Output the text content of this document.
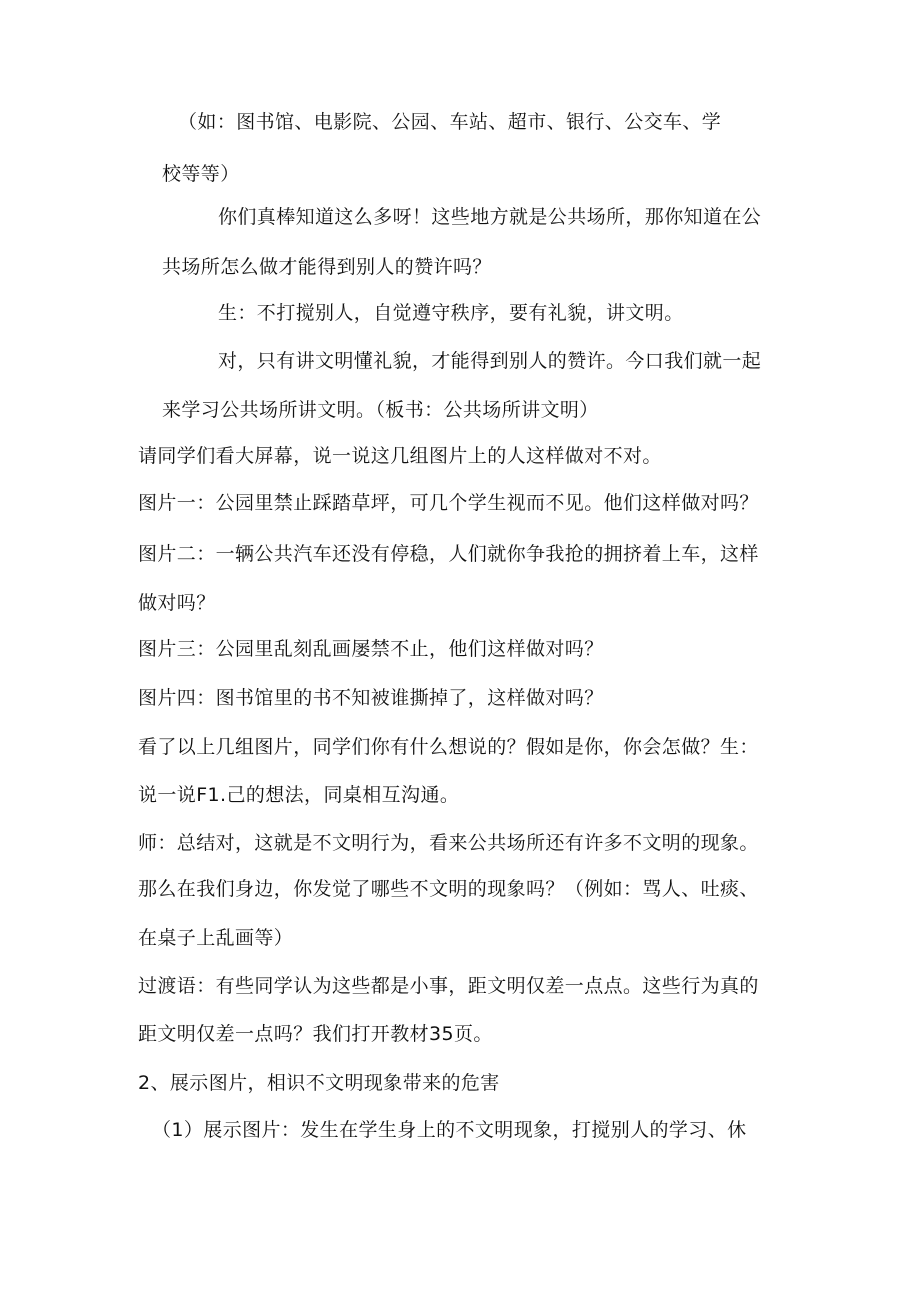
（如：图书馆、电影院、公园、车站、超市、银行、公交车、学
校等等）
你们真棒知道这么多呀！这些地方就是公共场所，那你知道在公
共场所怎么做才能得到别人的赞许吗？
生：不打搅别人，自觉遵守秩序，要有礼貌，讲文明。
对，只有讲文明懂礼貌，才能得到别人的赞许。今口我们就一起
来学习公共场所讲文明。（板书：公共场所讲文明）
请同学们看大屏幕，说一说这几组图片上的人这样做对不对。
图片一：公园里禁止踩踏草坪，可几个学生视而不见。他们这样做对吗？
图片二：一辆公共汽车还没有停稳，人们就你争我抢的拥挤着上车，这样
做对吗？
图片三：公园里乱刻乱画屡禁不止，他们这样做对吗？
图片四：图书馆里的书不知被谁撕掉了，这样做对吗？
看了以上几组图片，同学们你有什么想说的？假如是你，你会怎做？生：
说一说F1.己的想法，同桌相互沟通。
师：总结对，这就是不文明行为，看来公共场所还有许多不文明的现象。
那么在我们身边，你发觉了哪些不文明的现象吗？（例如：骂人、吐痰、
在桌子上乱画等）
过渡语：有些同学认为这些都是小事，距文明仅差一点点。这些行为真的
距文明仅差一点吗？我们打开教材35页。
2、展示图片，相识不文明现象带来的危害
（1）展示图片：发生在学生身上的不文明现象，打搅别人的学习、休
